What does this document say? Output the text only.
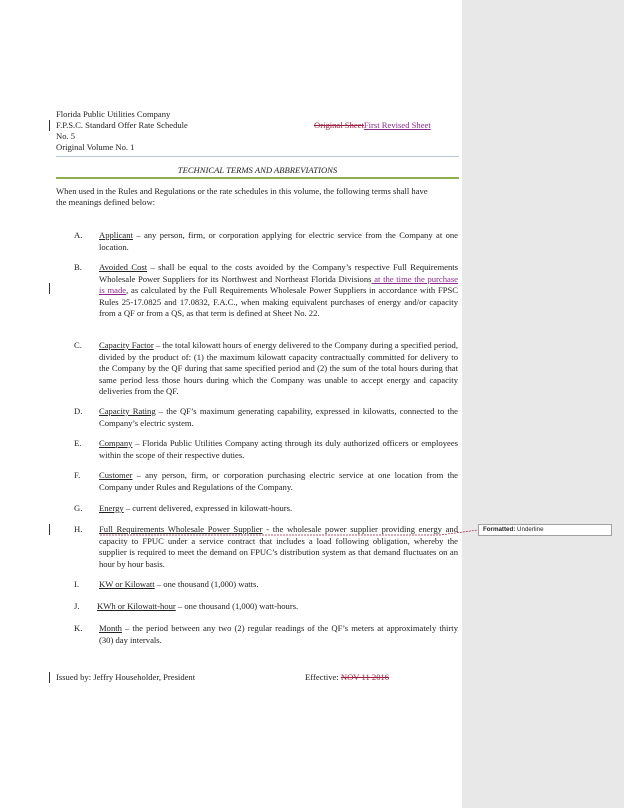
Florida Public Utilities Company
F.P.S.C. Standard Offer Rate Schedule
No. 5
Original Volume No. 1
Original SheetFirst Revised Sheet
TECHNICAL TERMS AND ABBREVIATIONS
When used in the Rules and Regulations or the rate schedules in this volume, the following terms shall have the meanings defined below:
A. Applicant – any person, firm, or corporation applying for electric service from the Company at one location.
B. Avoided Cost – shall be equal to the costs avoided by the Company’s respective Full Requirements Wholesale Power Suppliers for its Northwest and Northeast Florida Divisions at the time the purchase is made, as calculated by the Full Requirements Wholesale Power Suppliers in accordance with FPSC Rules 25-17.0825 and 17.0832, F.A.C., when making equivalent purchases of energy and/or capacity from a QF or from a QS, as that term is defined at Sheet No. 22.
C. Capacity Factor – the total kilowatt hours of energy delivered to the Company during a specified period, divided by the product of: (1) the maximum kilowatt capacity contractually committed for delivery to the Company by the QF during that same specified period and (2) the sum of the total hours during that same period less those hours during which the Company was unable to accept energy and capacity deliveries from the QF.
D. Capacity Rating – the QF’s maximum generating capability, expressed in kilowatts, connected to the Company’s electric system.
E. Company – Florida Public Utilities Company acting through its duly authorized officers or employees within the scope of their respective duties.
F. Customer – any person, firm, or corporation purchasing electric service at one location from the Company under Rules and Regulations of the Company.
G. Energy – current delivered, expressed in kilowatt-hours.
H. Full Requirements Wholesale Power Supplier - the wholesale power supplier providing energy and capacity to FPUC under a service contract that includes a load following obligation, whereby the supplier is required to meet the demand on FPUC’s distribution system as that demand fluctuates on an hour by hour basis.
I. KW or Kilowatt – one thousand (1,000) watts.
J. KWh or Kilowatt-hour – one thousand (1,000) watt-hours.
K. Month – the period between any two (2) regular readings of the QF’s meters at approximately thirty (30) day intervals.
Issued by: Jeffry Householder, President	Effective: NOV 11 2016
Formatted: Underline
